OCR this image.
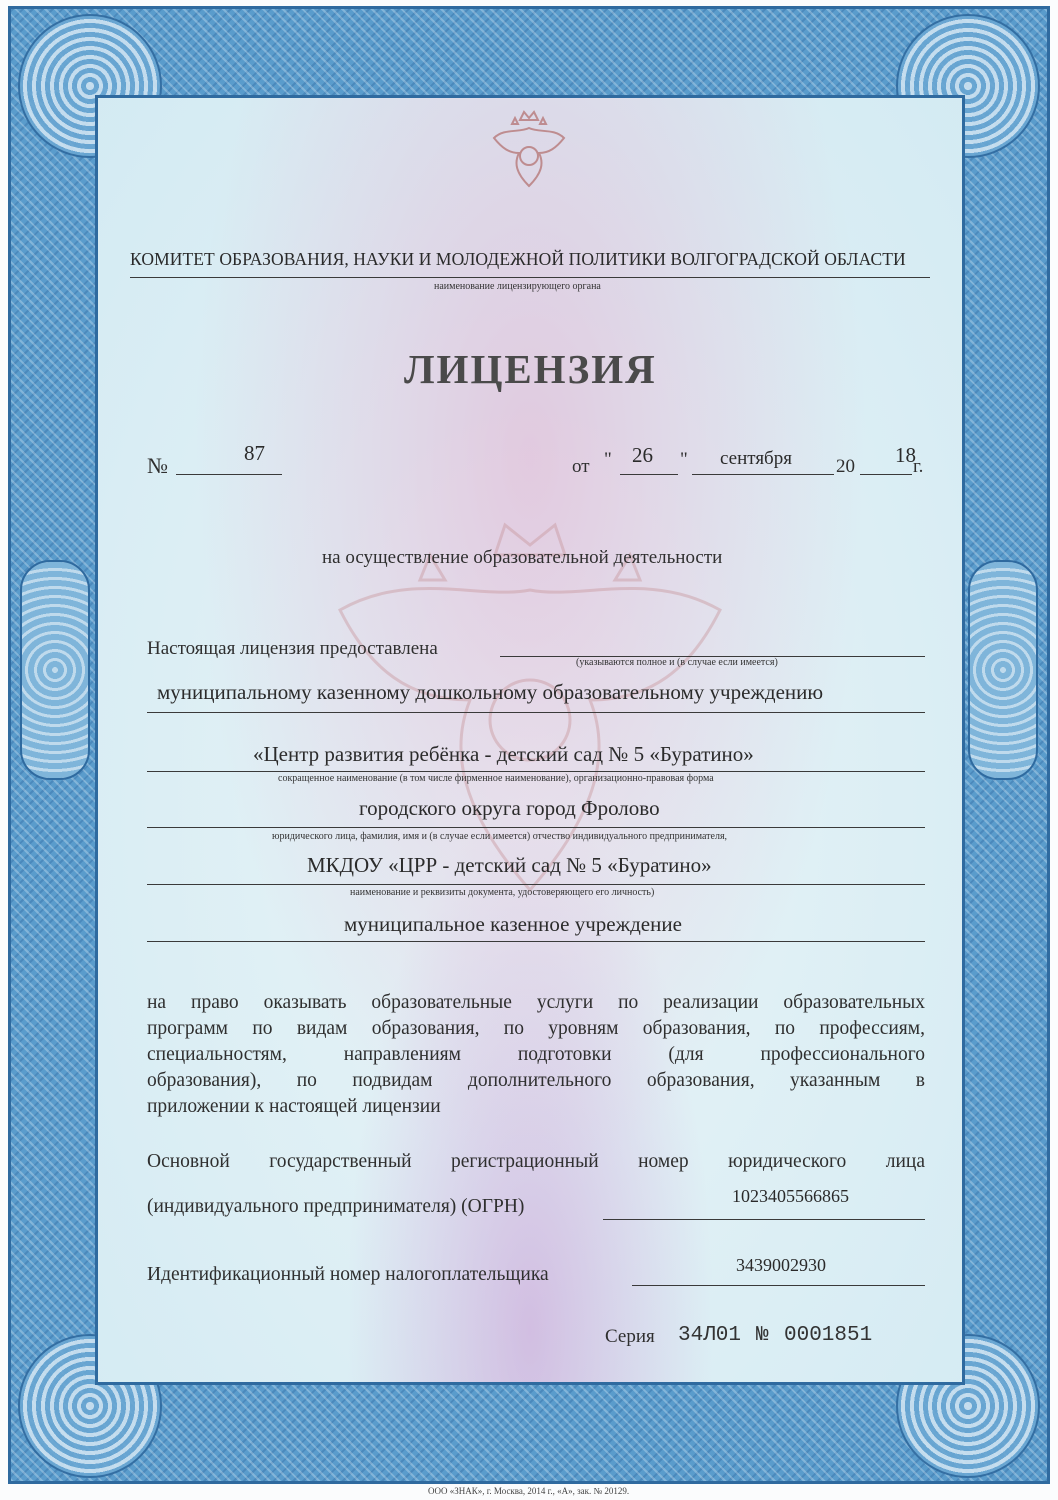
КОМИТЕТ ОБРАЗОВАНИЯ, НАУКИ И МОЛОДЕЖНОЙ ПОЛИТИКИ ВОЛГОГРАДСКОЙ ОБЛАСТИ
наименование лицензирующего органа
ЛИЦЕНЗИЯ
№	87
от " 26 " сентября 20 18
г.
на осуществление образовательной деятельности
Настоящая лицензия предоставлена
(указываются полное и (в случае если имеется)
муниципальному казенному дошкольному образовательному учреждению
«Центр развития ребёнка - детский сад № 5 «Буратино»
сокращенное наименование (в том числе фирменное наименование), организационно-правовая форма
городского округа город Фролово
юридического лица, фамилия, имя и (в случае если имеется) отчество индивидуального предпринимателя,
МКДОУ «ЦРР - детский сад № 5 «Буратино»
наименование и реквизиты документа, удостоверяющего его личность)
муниципальное казенное учреждение
на право оказывать образовательные услуги по реализации образовательных
программ по видам образования, по уровням образования, по профессиям,
специальностям, направлениям подготовки (для профессионального
образования), по подвидам дополнительного образования, указанным в
приложении к настоящей лицензии
Основной государственный регистрационный номер юридического лица
(индивидуального предпринимателя) (ОГРН)	1023405566865
Идентификационный номер налогоплательщика	3439002930
Серия 34Л01 № 0001851
ООО «ЗНАК», г. Москва, 2014 г., «А», зак. № 20129.
